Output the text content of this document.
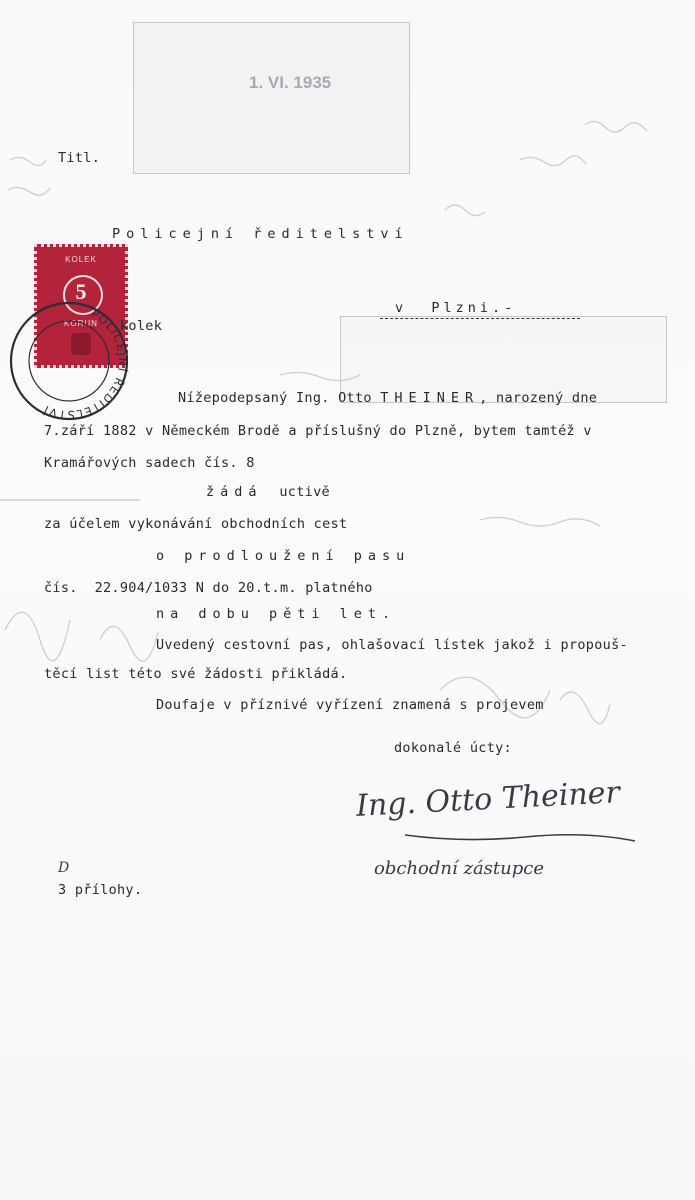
1. VI. 1935
KOLEK
5
KORUN
POLICEJNÍ ŘEDITELSTVÍ
Titl.
Policejní ředitelství
v  Plzni.-
kolek
Nížepodepsaný Ing. Otto THEINER, narozený dne
7.září 1882 v Německém Brodě a příslušný do Plzně, bytem tamtéž v
Kramářových sadech čís. 8
žádá uctivě
za účelem vykonávání obchodních cest
o prodloužení pasu
čís.  22.904/1033 N do 20.t.m. platného
na dobu pěti let.
Uvedený cestovní pas, ohlašovací lístek jakož i propouš-
těcí list této své žádosti přikládá.
Doufaje v příznivé vyřízení znamená s projevem
dokonalé úcty:
Ing. Otto Theiner
obchodní zástupce
D
3 přílohy.
